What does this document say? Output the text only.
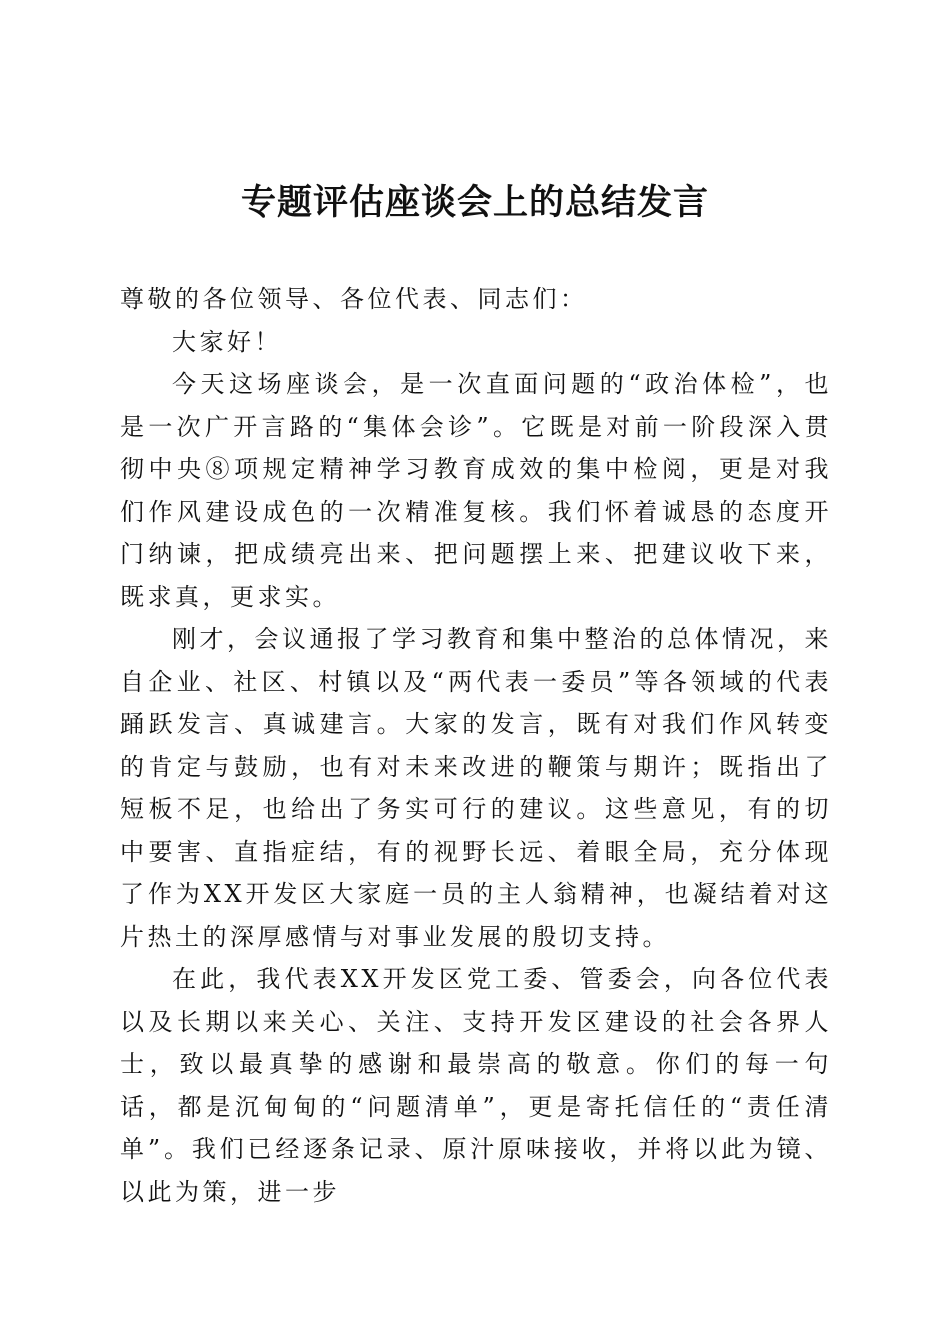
专题评估座谈会上的总结发言

尊敬的各位领导、各位代表、同志们：

大家好！

今天这场座谈会，是一次直面问题的“政治体检”，也是一次广开言路的“集体会诊”。它既是对前一阶段深入贯彻中央⑧项规定精神学习教育成效的集中检阅，更是对我们作风建设成色的一次精准复核。我们怀着诚恳的态度开门纳谏，把成绩亮出来、把问题摆上来、把建议收下来，既求真，更求实。

刚才，会议通报了学习教育和集中整治的总体情况，来自企业、社区、村镇以及“两代表一委员”等各领域的代表踊跃发言、真诚建言。大家的发言，既有对我们作风转变的肯定与鼓励，也有对未来改进的鞭策与期许；既指出了短板不足，也给出了务实可行的建议。这些意见，有的切中要害、直指症结，有的视野长远、着眼全局，充分体现了作为XX开发区大家庭一员的主人翁精神，也凝结着对这片热土的深厚感情与对事业发展的殷切支持。

在此，我代表XX开发区党工委、管委会，向各位代表以及长期以来关心、关注、支持开发区建设的社会各界人士，致以最真挚的感谢和最崇高的敬意。你们的每一句话，都是沉甸甸的“问题清单”，更是寄托信任的“责任清单”。我们已经逐条记录、原汁原味接收，并将以此为镜、以此为策，进一步
